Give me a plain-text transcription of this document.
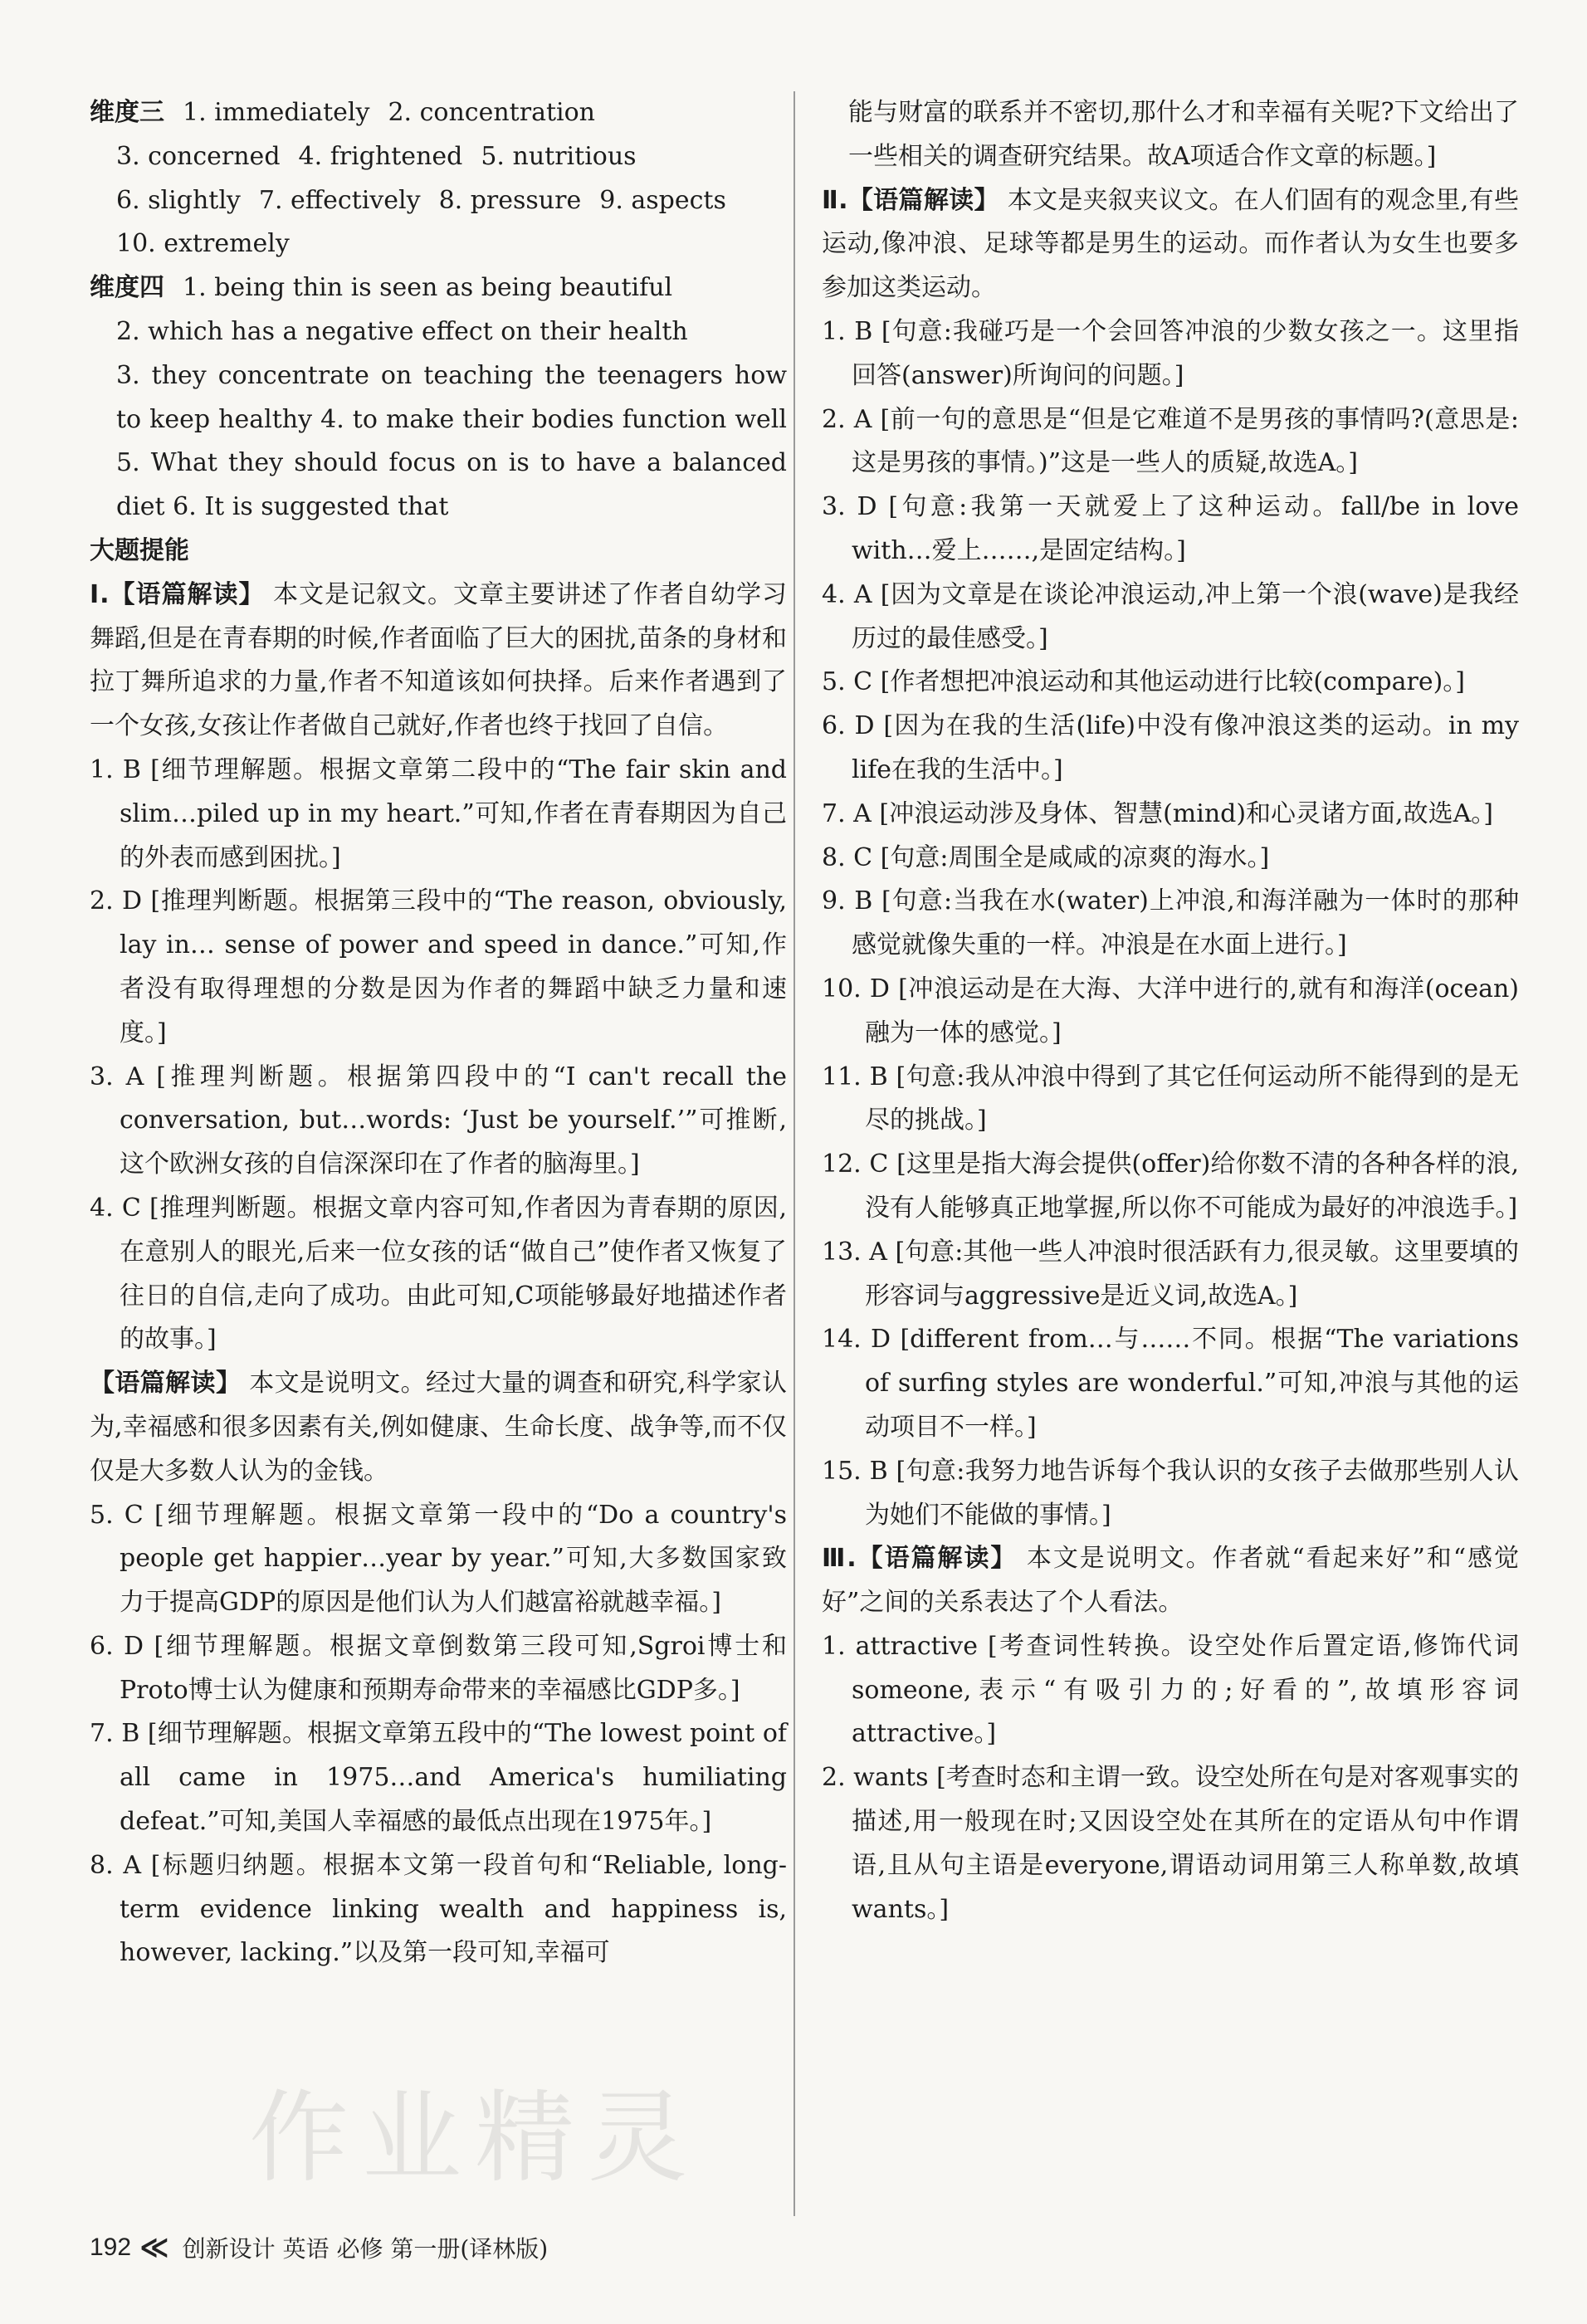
维度三 1. immediately 2. concentration
3. concerned 4. frightened 5. nutritious
6. slightly 7. effectively 8. pressure 9. aspects
10. extremely
维度四 1. being thin is seen as being beautiful
2. which has a negative effect on their health
3. they concentrate on teaching the teenagers how to keep healthy 4. to make their bodies function well 5. What they should focus on is to have a balanced diet 6. It is suggested that
大题提能
Ⅰ.【语篇解读】 本文是记叙文。文章主要讲述了作者自幼学习舞蹈,但是在青春期的时候,作者面临了巨大的困扰,苗条的身材和拉丁舞所追求的力量,作者不知道该如何抉择。后来作者遇到了一个女孩,女孩让作者做自己就好,作者也终于找回了自信。
1. B [细节理解题。根据文章第二段中的“The fair skin and slim…piled up in my heart.”可知,作者在青春期因为自己的外表而感到困扰。]
2. D [推理判断题。根据第三段中的“The reason, obviously, lay in… sense of power and speed in dance.”可知,作者没有取得理想的分数是因为作者的舞蹈中缺乏力量和速度。]
3. A [推理判断题。根据第四段中的“I can't recall the conversation, but…words: ‘Just be yourself.’”可推断,这个欧洲女孩的自信深深印在了作者的脑海里。]
4. C [推理判断题。根据文章内容可知,作者因为青春期的原因,在意别人的眼光,后来一位女孩的话“做自己”使作者又恢复了往日的自信,走向了成功。由此可知,C项能够最好地描述作者的故事。]
【语篇解读】 本文是说明文。经过大量的调查和研究,科学家认为,幸福感和很多因素有关,例如健康、生命长度、战争等,而不仅仅是大多数人认为的金钱。
5. C [细节理解题。根据文章第一段中的“Do a country's people get happier…year by year.”可知,大多数国家致力于提高GDP的原因是他们认为人们越富裕就越幸福。]
6. D [细节理解题。根据文章倒数第三段可知,Sgroi博士和Proto博士认为健康和预期寿命带来的幸福感比GDP多。]
7. B [细节理解题。根据文章第五段中的“The lowest point of all came in 1975…and America's humiliating defeat.”可知,美国人幸福感的最低点出现在1975年。]
8. A [标题归纳题。根据本文第一段首句和“Reliable, long-term evidence linking wealth and happiness is, however, lacking.”以及第一段可知,幸福可
能与财富的联系并不密切,那什么才和幸福有关呢?下文给出了一些相关的调查研究结果。故A项适合作文章的标题。]
Ⅱ.【语篇解读】 本文是夹叙夹议文。在人们固有的观念里,有些运动,像冲浪、足球等都是男生的运动。而作者认为女生也要多参加这类运动。
1. B [句意:我碰巧是一个会回答冲浪的少数女孩之一。这里指回答(answer)所询问的问题。]
2. A [前一句的意思是“但是它难道不是男孩的事情吗?(意思是:这是男孩的事情。)”这是一些人的质疑,故选A。]
3. D [句意:我第一天就爱上了这种运动。fall/be in love with…爱上……,是固定结构。]
4. A [因为文章是在谈论冲浪运动,冲上第一个浪(wave)是我经历过的最佳感受。]
5. C [作者想把冲浪运动和其他运动进行比较(compare)。]
6. D [因为在我的生活(life)中没有像冲浪这类的运动。in my life在我的生活中。]
7. A [冲浪运动涉及身体、智慧(mind)和心灵诸方面,故选A。]
8. C [句意:周围全是咸咸的凉爽的海水。]
9. B [句意:当我在水(water)上冲浪,和海洋融为一体时的那种感觉就像失重的一样。冲浪是在水面上进行。]
10. D [冲浪运动是在大海、大洋中进行的,就有和海洋(ocean)融为一体的感觉。]
11. B [句意:我从冲浪中得到了其它任何运动所不能得到的是无尽的挑战。]
12. C [这里是指大海会提供(offer)给你数不清的各种各样的浪,没有人能够真正地掌握,所以你不可能成为最好的冲浪选手。]
13. A [句意:其他一些人冲浪时很活跃有力,很灵敏。这里要填的形容词与aggressive是近义词,故选A。]
14. D [different from…与……不同。根据“The variations of surfing styles are wonderful.”可知,冲浪与其他的运动项目不一样。]
15. B [句意:我努力地告诉每个我认识的女孩子去做那些别人认为她们不能做的事情。]
Ⅲ.【语篇解读】 本文是说明文。作者就“看起来好”和“感觉好”之间的关系表达了个人看法。
1. attractive [考查词性转换。设空处作后置定语,修饰代词someone,表示“有吸引力的;好看的”,故填形容词attractive。]
2. wants [考查时态和主谓一致。设空处所在句是对客观事实的描述,用一般现在时;又因设空处在其所在的定语从句中作谓语,且从句主语是everyone,谓语动词用第三人称单数,故填wants。]
作业精灵
192 ≪ 创新设计 英语 必修 第一册(译林版)
